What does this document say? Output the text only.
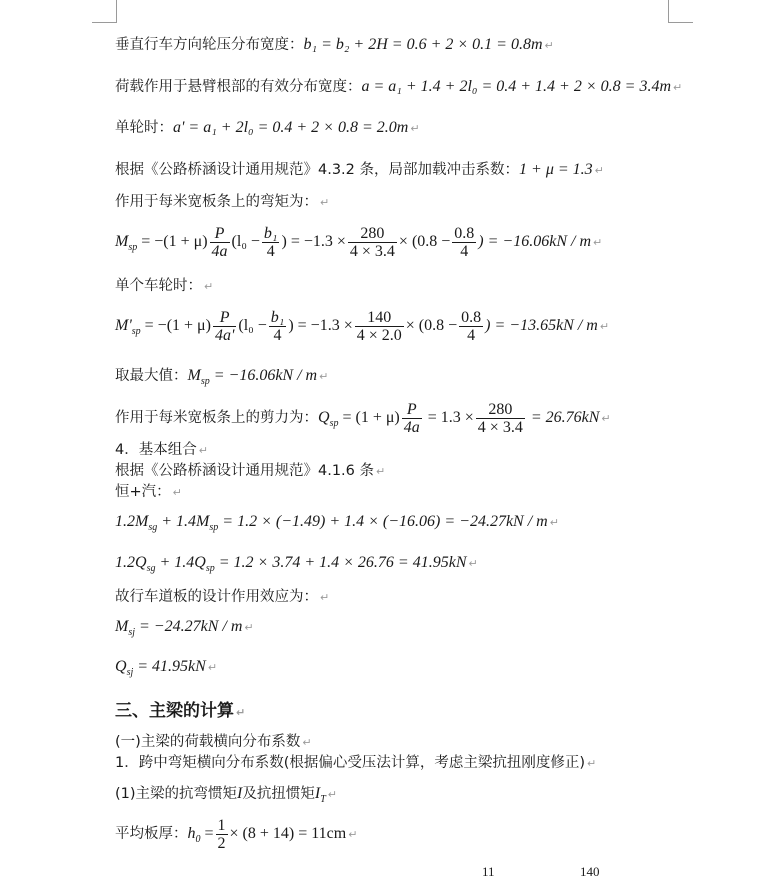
垂直行车方向轮压分布宽度：b₁ = b₂ + 2H = 0.6 + 2 × 0.1 = 0.8m ↵
荷载作用于悬臂根部的有效分布宽度：a = a₁ + 1.4 + 2l₀ = 0.4 + 1.4 + 2 × 0.8 = 3.4m ↵
单轮时：a' = a₁ + 2l₀ = 0.4 + 2 × 0.8 = 2.0m ↵
根据《公路桥涵设计通用规范》4.3.2 条，局部加载冲击系数：1 + μ = 1.3 ↵
作用于每米宽板条上的弯矩为： ↵
$M_{sp} = -(1 + \mu) \frac{P}{4a} (l_0 - \frac{\text{b₁}}{4}$ ) = $-1.3 \times \frac{280}{4 \times 3.4} \times (0.8 - \frac{0.8}{4}$ ) = −16.06kN / m ↵
单个车轮时： ↵
$M'_{sp} = -(1 + \mu) \frac{P}{4a'} (l_0 - \frac{\text{b₁}}{4}$ ) = $-1.3 \times \frac{140}{4 \times 2.0} \times (0.8 - \frac{0.8}{4}$ ) = −13.65kN / m ↵
取最大值：$M_{sp} = -16.06kN / m$ ↵
作用于每米宽板条上的剪力为：$Q_{sp} = (1 + \mu) \frac{P}{4a} = 1.3 \times \frac{280}{4 \times 3.4} = 26.76kN$ ↵
4．基本组合 ↵
根据《公路桥涵设计通用规范》4.1.6 条 ↵
恒+汽： ↵
$1.2M_{sg} + 1.4M_{sp} = 1.2 \times (-1.49) + 1.4 \times (-16.06) = -24.27kN / m$ ↵
$1.2Q_{sg} + 1.4Q_{sp} = 1.2 \times 3.74 + 1.4 \times 26.76 = 41.95kN$ ↵
故行车道板的设计作用效应为： ↵
$M_{sj} = -24.27kN / m$ ↵
$Q_{sj} = 41.95kN$ ↵
三、主梁的计算 ↵
(一)主梁的荷载横向分布系数 ↵
1．跨中弯矩横向分布系数(根据偏心受压法计算，考虑主梁抗扭刚度修正) ↵
(1)主梁的抗弯惯矩I及抗扭惯矩$I_T$ ↵
平均板厚：$h_0 = \frac{1}{2} \times (8 + 14) = 11cm$ ↵
11	140
